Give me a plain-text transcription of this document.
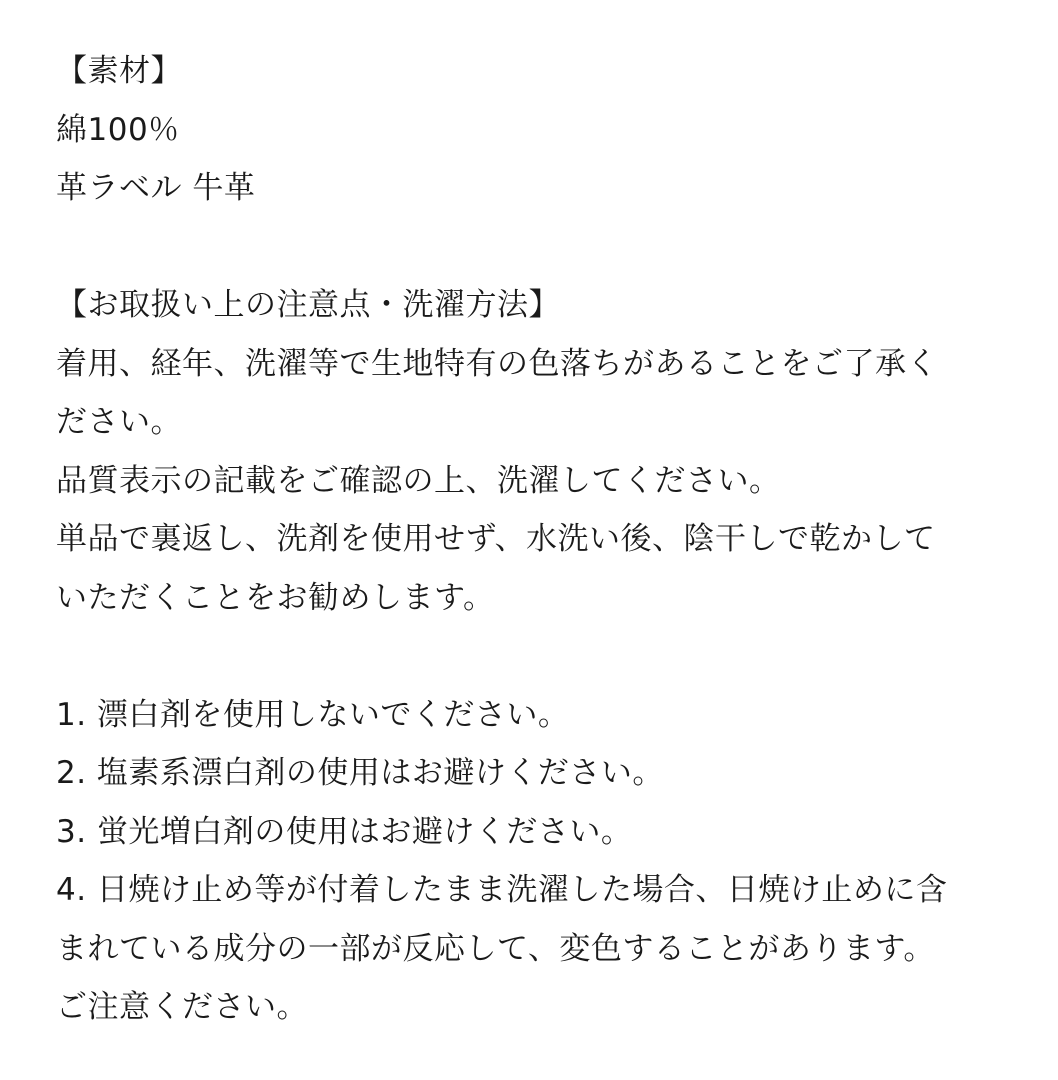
【素材】
綿100％
革ラベル 牛革
【お取扱い上の注意点・洗濯方法】
着用、経年、洗濯等で生地特有の色落ちがあることをご了承く
ださい。
品質表示の記載をご確認の上、洗濯してください。
単品で裏返し、洗剤を使用せず、水洗い後、陰干しで乾かして
いただくことをお勧めします。
1. 漂白剤を使用しないでください。
2. 塩素系漂白剤の使用はお避けください。
3. 蛍光増白剤の使用はお避けください。
4. 日焼け止め等が付着したまま洗濯した場合、日焼け止めに含
まれている成分の一部が反応して、変色することがあります。
ご注意ください。
